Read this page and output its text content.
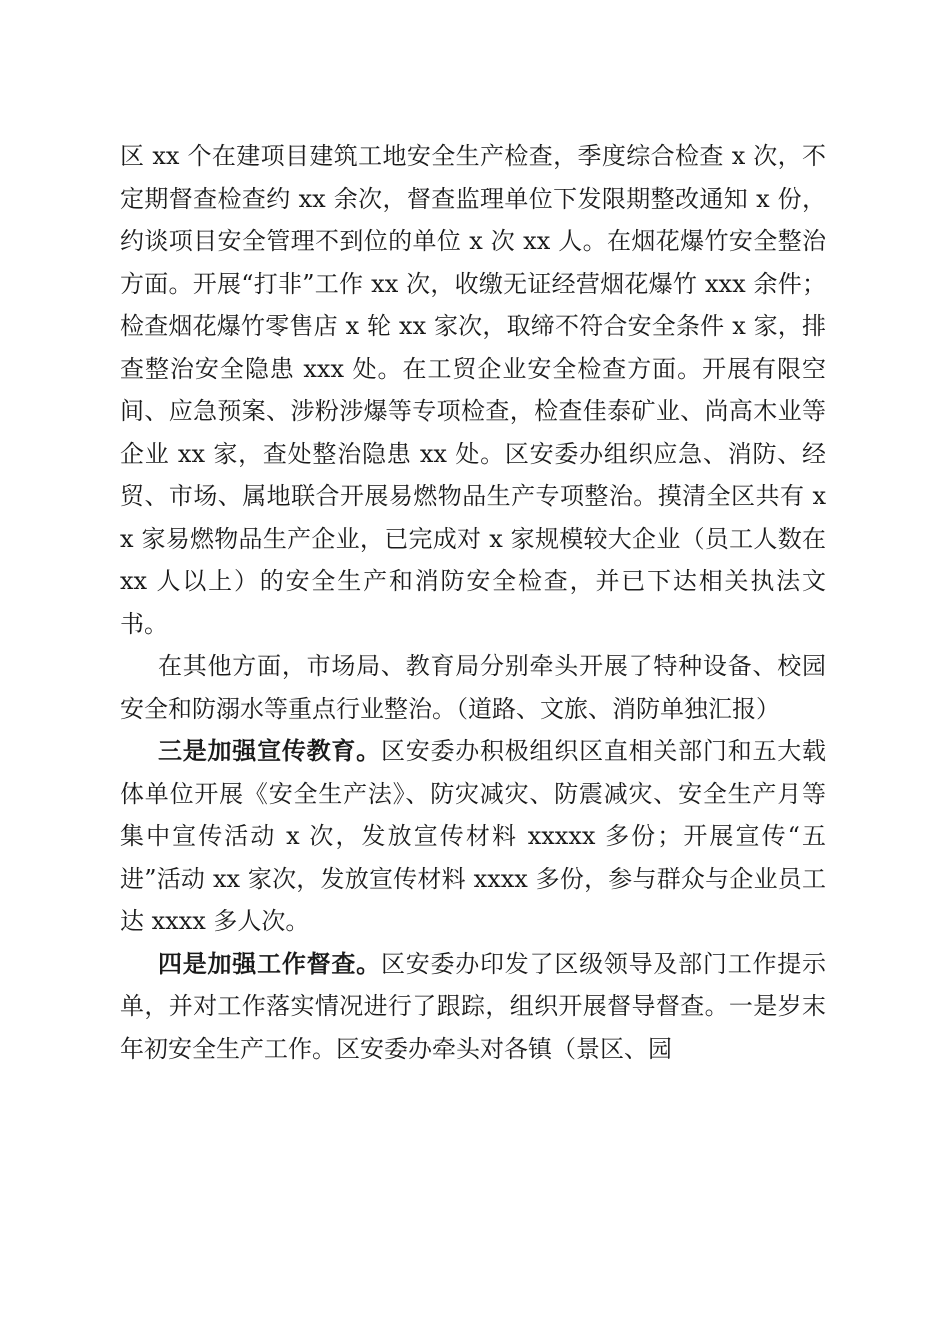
区 xx 个在建项目建筑工地安全生产检查，季度综合检查 x 次，不定期督查检查约 xx 余次，督查监理单位下发限期整改通知 x 份，约谈项目安全管理不到位的单位 x 次 xx 人。在烟花爆竹安全整治方面。开展“打非”工作 xx 次，收缴无证经营烟花爆竹 xxx 余件；检查烟花爆竹零售店 x 轮 xx 家次，取缔不符合安全条件 x 家，排查整治安全隐患 xxx 处。在工贸企业安全检查方面。开展有限空间、应急预案、涉粉涉爆等专项检查，检查佳泰矿业、尚高木业等企业 xx 家，查处整治隐患 xx 处。区安委办组织应急、消防、经贸、市场、属地联合开展易燃物品生产专项整治。摸清全区共有 xx 家易燃物品生产企业，已完成对 x 家规模较大企业（员工人数在 xx 人以上）的安全生产和消防安全检查，并已下达相关执法文书。

在其他方面，市场局、教育局分别牵头开展了特种设备、校园安全和防溺水等重点行业整治。（道路、文旅、消防单独汇报）

三是加强宣传教育。区安委办积极组织区直相关部门和五大载体单位开展《安全生产法》、防灾减灾、防震减灾、安全生产月等集中宣传活动 x 次，发放宣传材料 xxxxx 多份；开展宣传“五进”活动 xx 家次，发放宣传材料 xxxx 多份，参与群众与企业员工达 xxxx 多人次。

四是加强工作督查。区安委办印发了区级领导及部门工作提示单，并对工作落实情况进行了跟踪，组织开展督导督查。一是岁末年初安全生产工作。区安委办牵头对各镇（景区、园
